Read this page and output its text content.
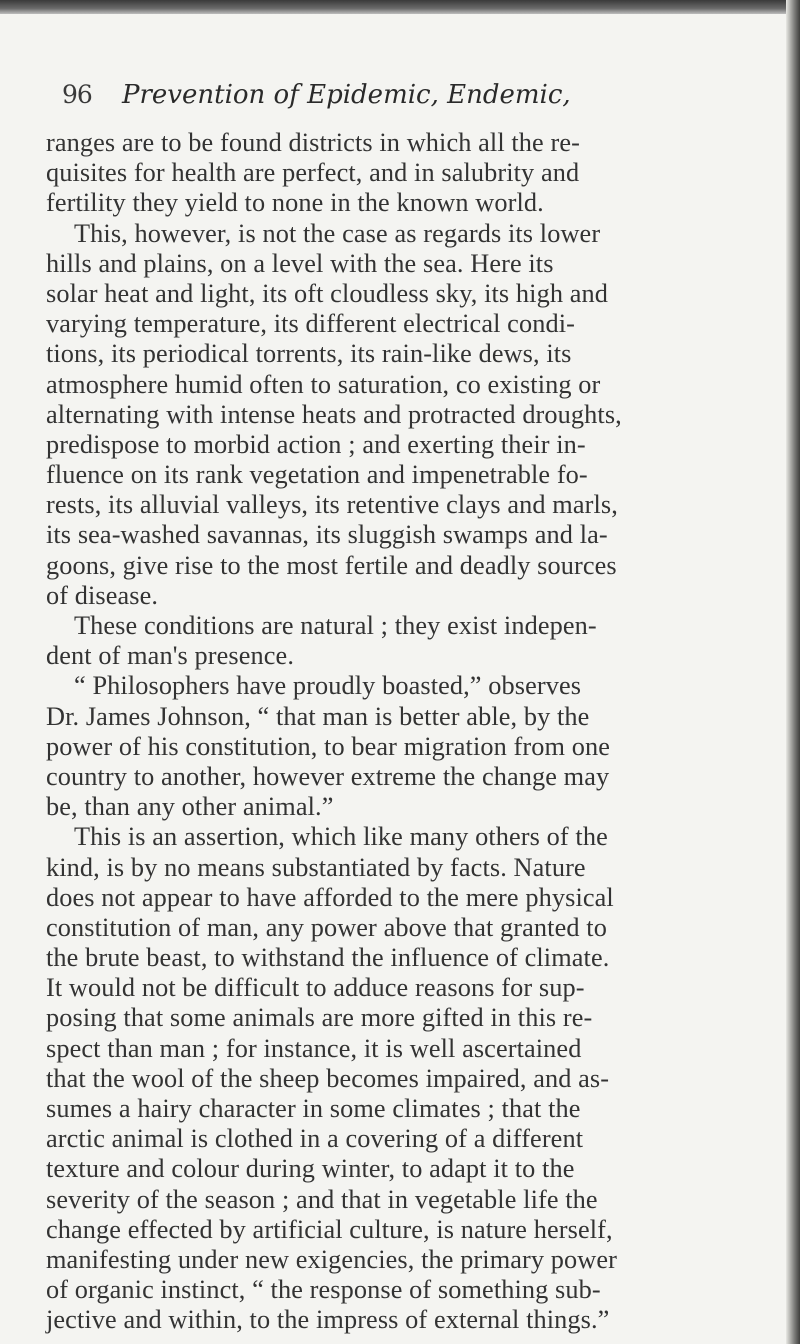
96 Prevention of Epidemic, Endemic,
ranges are to be found districts in which all the re-
quisites for health are perfect, and in salubrity and
fertility they yield to none in the known world.
This, however, is not the case as regards its lower
hills and plains, on a level with the sea. Here its
solar heat and light, its oft cloudless sky, its high and
varying temperature, its different electrical condi-
tions, its periodical torrents, its rain-like dews, its
atmosphere humid often to saturation, co existing or
alternating with intense heats and protracted droughts,
predispose to morbid action ; and exerting their in-
fluence on its rank vegetation and impenetrable fo-
rests, its alluvial valleys, its retentive clays and marls,
its sea-washed savannas, its sluggish swamps and la-
goons, give rise to the most fertile and deadly sources
of disease.
These conditions are natural ; they exist indepen-
dent of man's presence.
“ Philosophers have proudly boasted,” observes
Dr. James Johnson, “ that man is better able, by the
power of his constitution, to bear migration from one
country to another, however extreme the change may
be, than any other animal.”
This is an assertion, which like many others of the
kind, is by no means substantiated by facts. Nature
does not appear to have afforded to the mere physical
constitution of man, any power above that granted to
the brute beast, to withstand the influence of climate.
It would not be difficult to adduce reasons for sup-
posing that some animals are more gifted in this re-
spect than man ; for instance, it is well ascertained
that the wool of the sheep becomes impaired, and as-
sumes a hairy character in some climates ; that the
arctic animal is clothed in a covering of a different
texture and colour during winter, to adapt it to the
severity of the season ; and that in vegetable life the
change effected by artificial culture, is nature herself,
manifesting under new exigencies, the primary power
of organic instinct, “ the response of something sub-
jective and within, to the impress of external things.”
